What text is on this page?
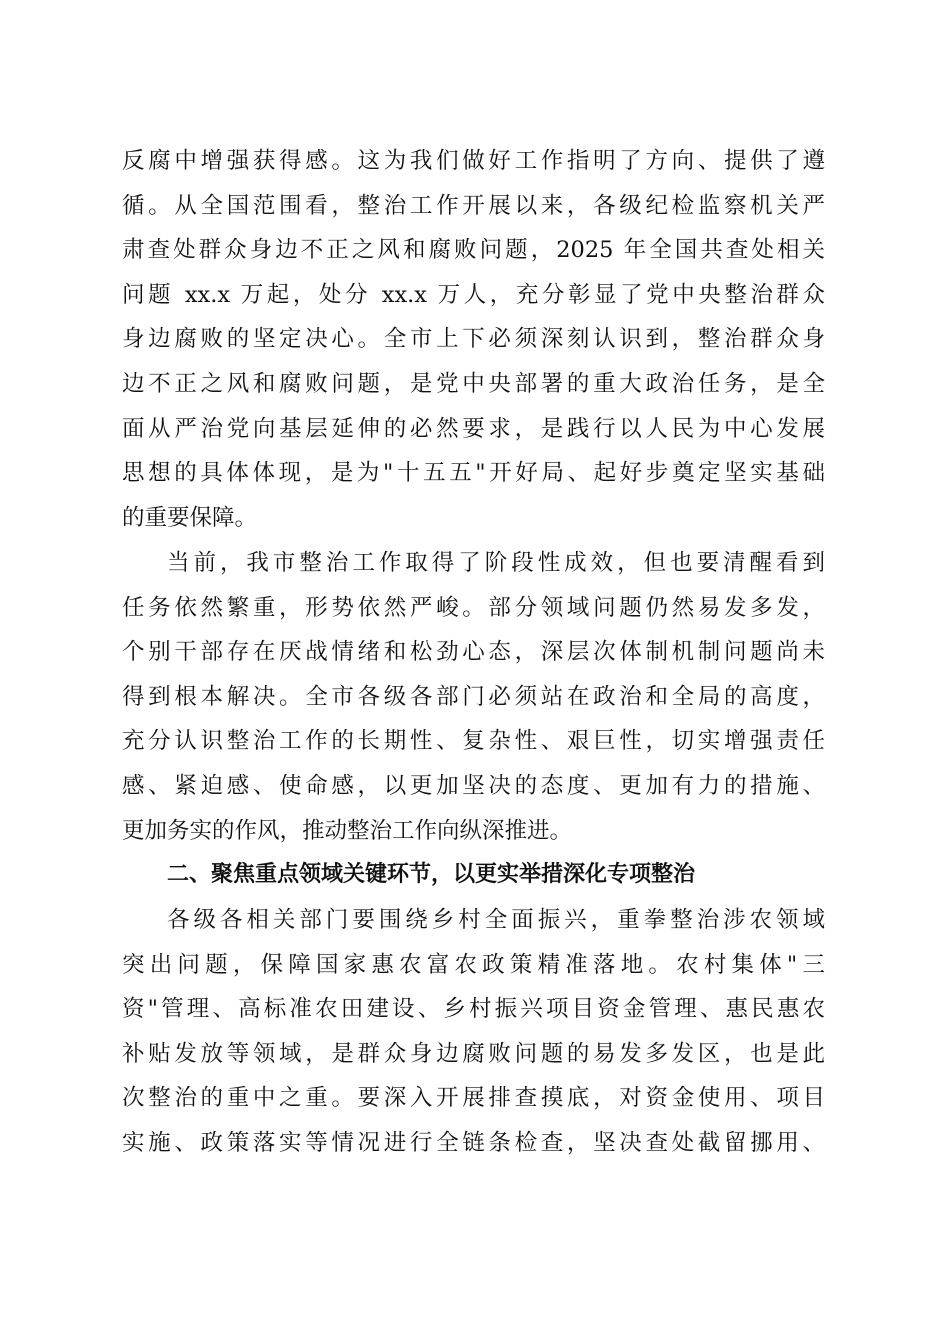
反腐中增强获得感。这为我们做好工作指明了方向、提供了遵
循。从全国范围看，整治工作开展以来，各级纪检监察机关严
肃查处群众身边不正之风和腐败问题，2025 年全国共查处相关
问题 xx.x 万起，处分 xx.x 万人，充分彰显了党中央整治群众
身边腐败的坚定决心。全市上下必须深刻认识到，整治群众身
边不正之风和腐败问题，是党中央部署的重大政治任务，是全
面从严治党向基层延伸的必然要求，是践行以人民为中心发展
思想的具体体现，是为"十五五"开好局、起好步奠定坚实基础
的重要保障。
当前，我市整治工作取得了阶段性成效，但也要清醒看到
任务依然繁重，形势依然严峻。部分领域问题仍然易发多发，
个别干部存在厌战情绪和松劲心态，深层次体制机制问题尚未
得到根本解决。全市各级各部门必须站在政治和全局的高度，
充分认识整治工作的长期性、复杂性、艰巨性，切实增强责任
感、紧迫感、使命感，以更加坚决的态度、更加有力的措施、
更加务实的作风，推动整治工作向纵深推进。
二、聚焦重点领域关键环节，以更实举措深化专项整治
各级各相关部门要围绕乡村全面振兴，重拳整治涉农领域
突出问题，保障国家惠农富农政策精准落地。农村集体"三
资"管理、高标准农田建设、乡村振兴项目资金管理、惠民惠农
补贴发放等领域，是群众身边腐败问题的易发多发区，也是此
次整治的重中之重。要深入开展排查摸底，对资金使用、项目
实施、政策落实等情况进行全链条检查，坚决查处截留挪用、
